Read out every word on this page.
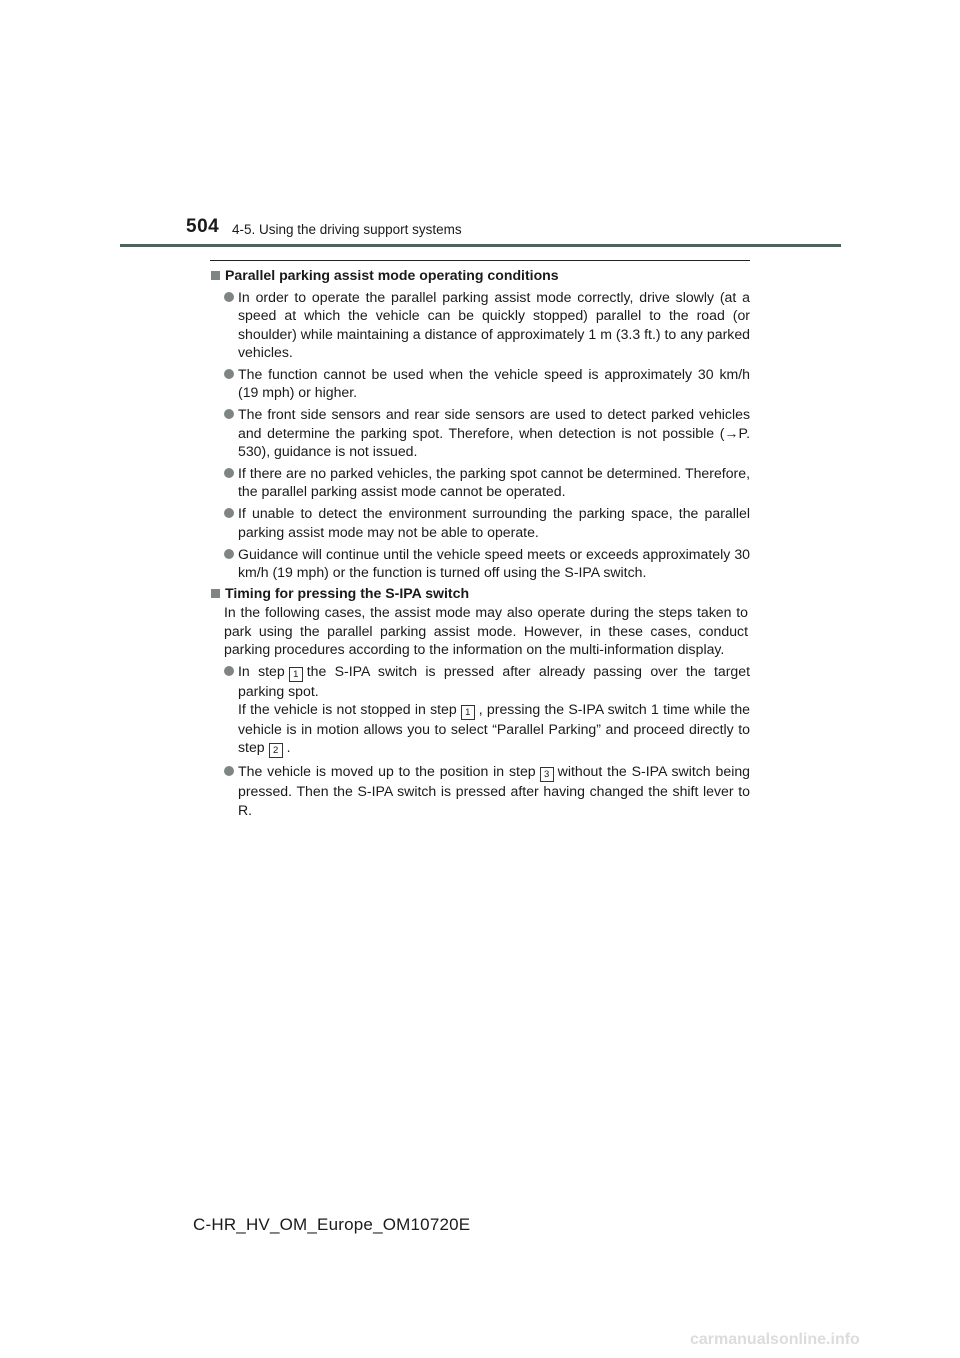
504 4-5. Using the driving support systems
Parallel parking assist mode operating conditions
In order to operate the parallel parking assist mode correctly, drive slowly (at a speed at which the vehicle can be quickly stopped) parallel to the road (or shoulder) while maintaining a distance of approximately 1 m (3.3 ft.) to any parked vehicles.
The function cannot be used when the vehicle speed is approximately 30 km/h (19 mph) or higher.
The front side sensors and rear side sensors are used to detect parked vehicles and determine the parking spot. Therefore, when detection is not possible (→P. 530), guidance is not issued.
If there are no parked vehicles, the parking spot cannot be determined. Therefore, the parallel parking assist mode cannot be operated.
If unable to detect the environment surrounding the parking space, the parallel parking assist mode may not be able to operate.
Guidance will continue until the vehicle speed meets or exceeds approximately 30 km/h (19 mph) or the function is turned off using the S-IPA switch.
Timing for pressing the S-IPA switch
In the following cases, the assist mode may also operate during the steps taken to park using the parallel parking assist mode. However, in these cases, conduct parking procedures according to the information on the multi-information display.
In step 1 the S-IPA switch is pressed after already passing over the target parking spot.
If the vehicle is not stopped in step 1 , pressing the S-IPA switch 1 time while the vehicle is in motion allows you to select “Parallel Parking” and proceed directly to step 2 .
The vehicle is moved up to the position in step 3 without the S-IPA switch being pressed. Then the S-IPA switch is pressed after having changed the shift lever to R.
C-HR_HV_OM_Europe_OM10720E
carmanualsonline.info
